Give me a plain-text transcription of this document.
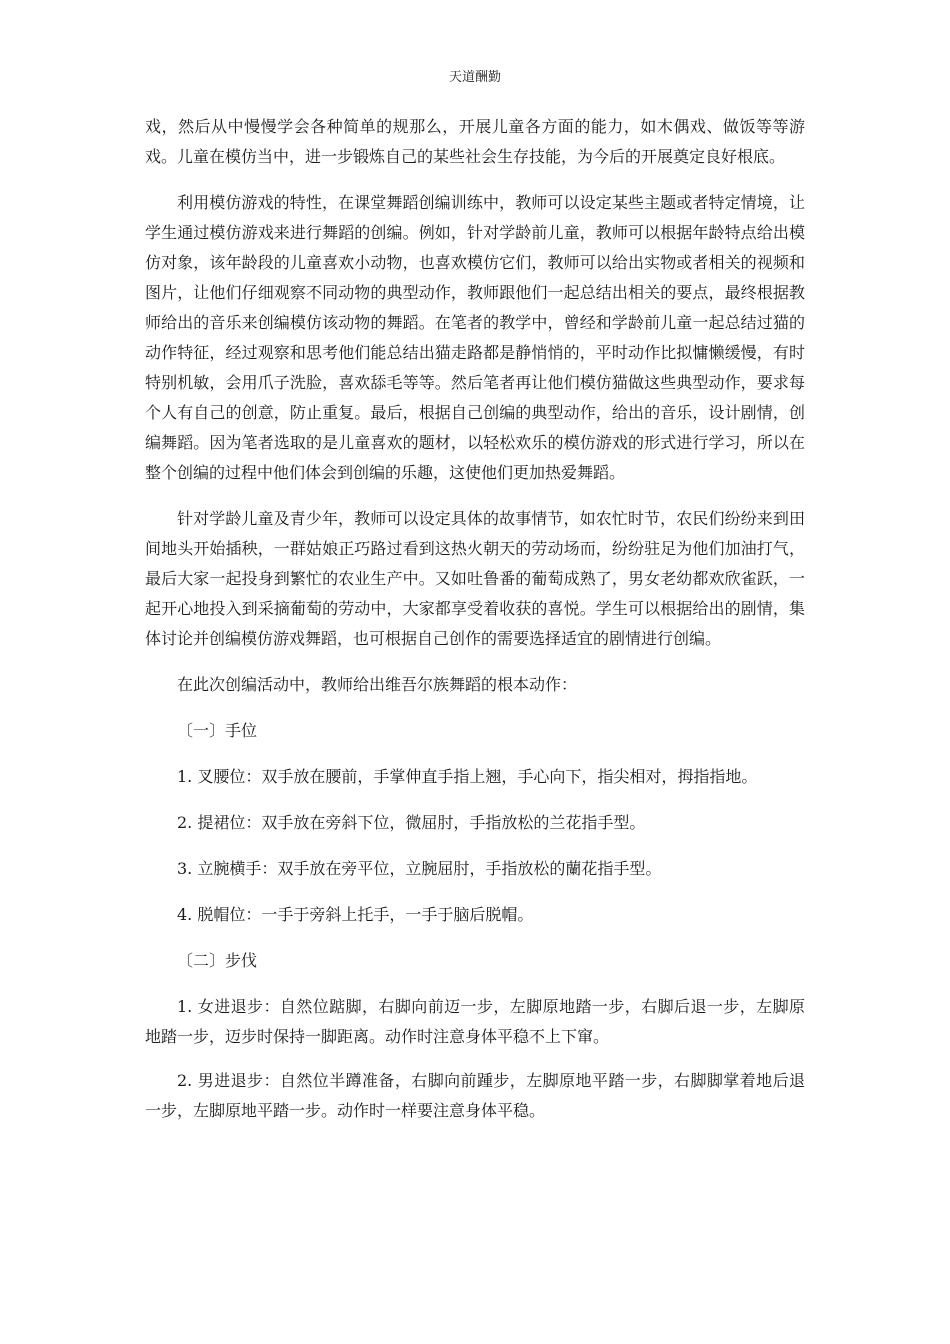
天道酬勤

戏，然后从中慢慢学会各种简单的规那么，开展儿童各方面的能力，如木偶戏、做饭等等游戏。儿童在模仿当中，进一步锻炼自己的某些社会生存技能，为今后的开展奠定良好根底。

利用模仿游戏的特性，在课堂舞蹈创编训练中，教师可以设定某些主题或者特定情境，让学生通过模仿游戏来进行舞蹈的创编。例如，针对学龄前儿童，教师可以根据年龄特点给出模仿对象，该年龄段的儿童喜欢小动物，也喜欢模仿它们，教师可以给出实物或者相关的视频和图片，让他们仔细观察不同动物的典型动作，教师跟他们一起总结出相关的要点，最终根据教师给出的音乐来创编模仿该动物的舞蹈。在笔者的教学中，曾经和学龄前儿童一起总结过猫的动作特征，经过观察和思考他们能总结出猫走路都是静悄悄的，平时动作比拟慵懒缓慢，有时特别机敏，会用爪子洗脸，喜欢舔毛等等。然后笔者再让他们模仿猫做这些典型动作，要求每个人有自己的创意，防止重复。最后，根据自己创编的典型动作，给出的音乐，设计剧情，创编舞蹈。因为笔者选取的是儿童喜欢的题材，以轻松欢乐的模仿游戏的形式进行学习，所以在整个创编的过程中他们体会到创编的乐趣，这使他们更加热爱舞蹈。

针对学龄儿童及青少年，教师可以设定具体的故事情节，如农忙时节，农民们纷纷来到田间地头开始插秧，一群姑娘正巧路过看到这热火朝天的劳动场而，纷纷驻足为他们加油打气，最后大家一起投身到繁忙的农业生产中。又如吐鲁番的葡萄成熟了，男女老幼都欢欣雀跃，一起开心地投入到采摘葡萄的劳动中，大家都享受着收获的喜悦。学生可以根据给出的剧情，集体讨论并创编模仿游戏舞蹈，也可根据自己创作的需要选择适宜的剧情进行创编。

在此次创编活动中，教师给出维吾尔族舞蹈的根本动作：

〔一〕手位

1. 叉腰位：双手放在腰前，手掌伸直手指上翘，手心向下，指尖相对，拇指指地。

2. 提裙位：双手放在旁斜下位，微屈肘，手指放松的兰花指手型。

3. 立腕横手：双手放在旁平位，立腕屈肘，手指放松的蘭花指手型。

4. 脱帽位：一手于旁斜上托手，一手于脑后脱帽。

〔二〕步伐

1. 女进退步：自然位踮脚，右脚向前迈一步，左脚原地踏一步，右脚后退一步，左脚原地踏一步，迈步时保持一脚距离。动作时注意身体平稳不上下窜。

2. 男进退步：自然位半蹲准备，右脚向前踵步，左脚原地平踏一步，右脚脚掌着地后退一步，左脚原地平踏一步。动作时一样要注意身体平稳。
